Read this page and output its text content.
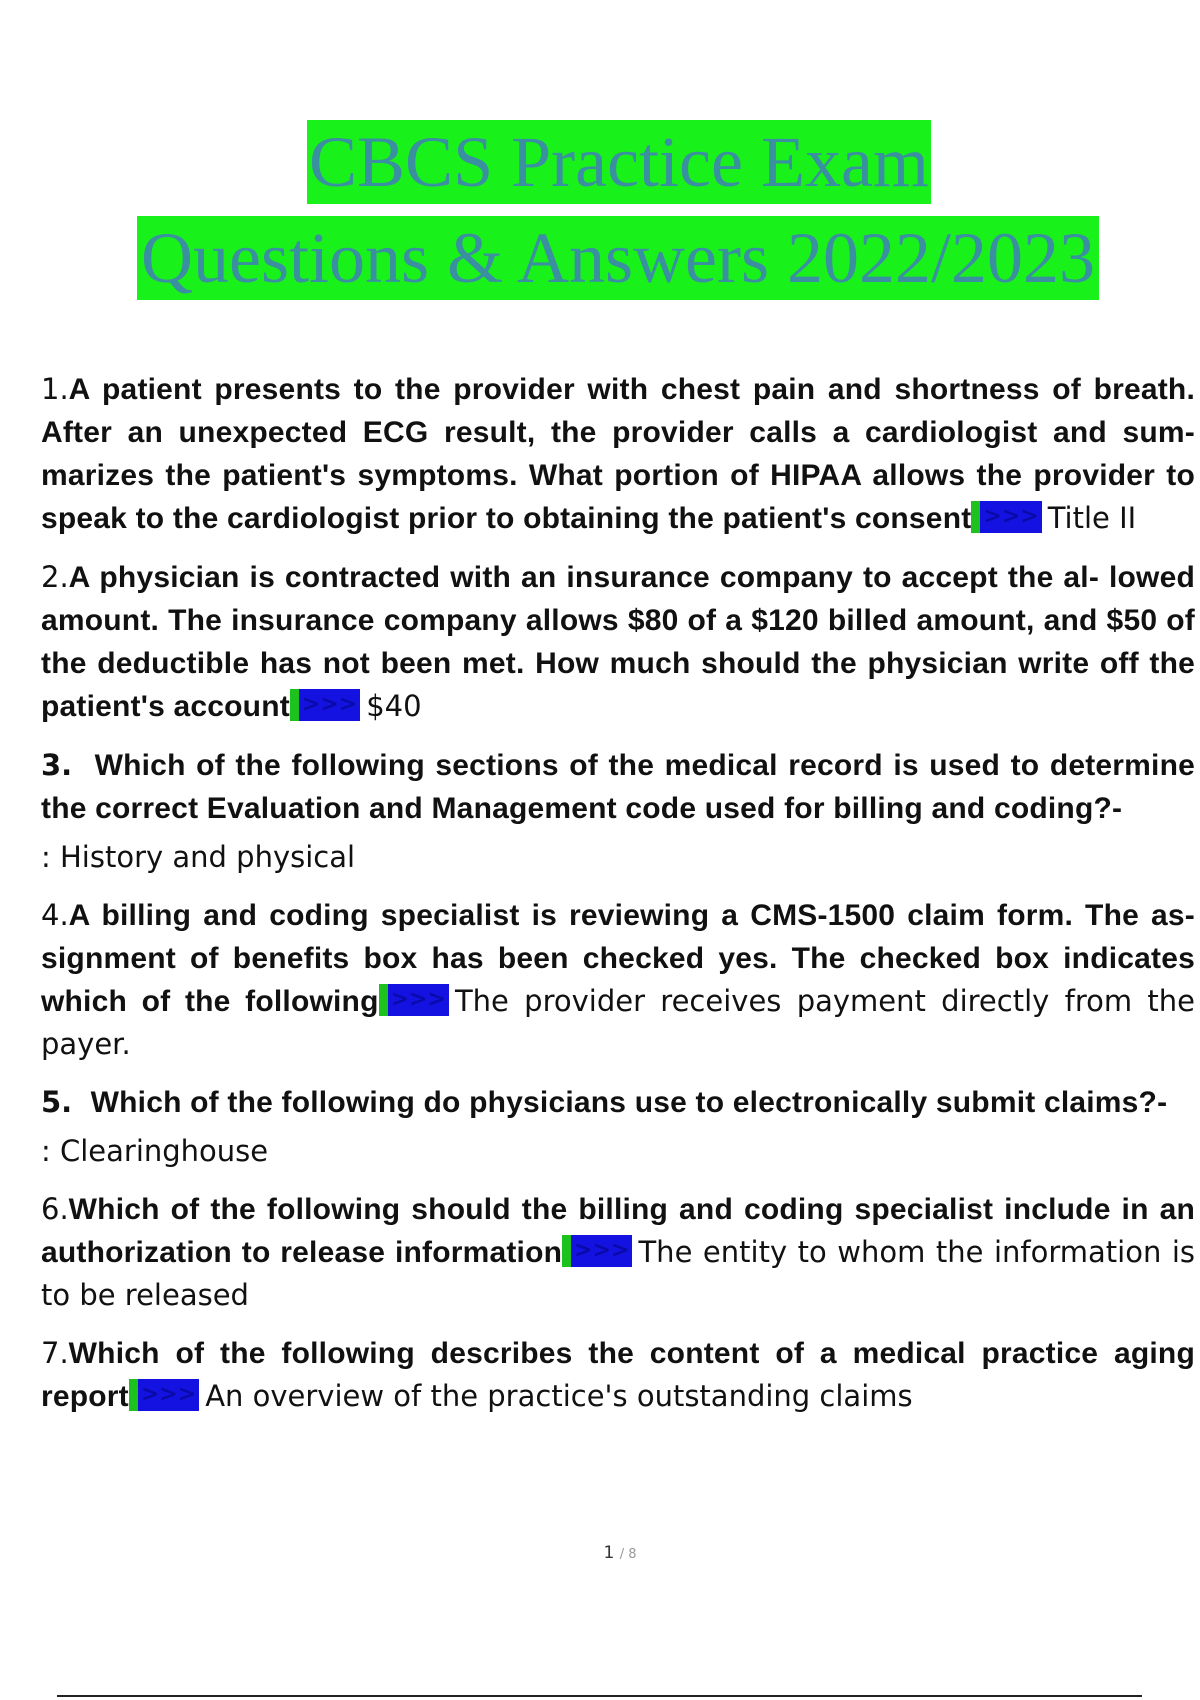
CBCS Practice Exam
Questions & Answers 2022/2023

1.A patient presents to the provider with chest pain and shortness of breath. After an unexpected ECG result, the provider calls a cardiologist and sum- marizes the patient's symptoms. What portion of HIPAA allows the provider to speak to the cardiologist prior to obtaining the patient's consent >>> Title II

2.A physician is contracted with an insurance company to accept the al- lowed amount. The insurance company allows $80 of a $120 billed amount, and $50 of the deductible has not been met. How much should the physician write off the patient's account >>> $40

3. Which of the following sections of the medical record is used to determine the correct Evaluation and Management code used for billing and coding?-

: History and physical

4.A billing and coding specialist is reviewing a CMS-1500 claim form. The as- signment of benefits box has been checked yes. The checked box indicates which of the following >>> The provider receives payment directly from the payer.

5. Which of the following do physicians use to electronically submit claims?-

: Clearinghouse

6.Which of the following should the billing and coding specialist include in an authorization to release information >>> The entity to whom the information is to be released

7.Which of the following describes the content of a medical practice aging report >>> An overview of the practice's outstanding claims

1 / 8
